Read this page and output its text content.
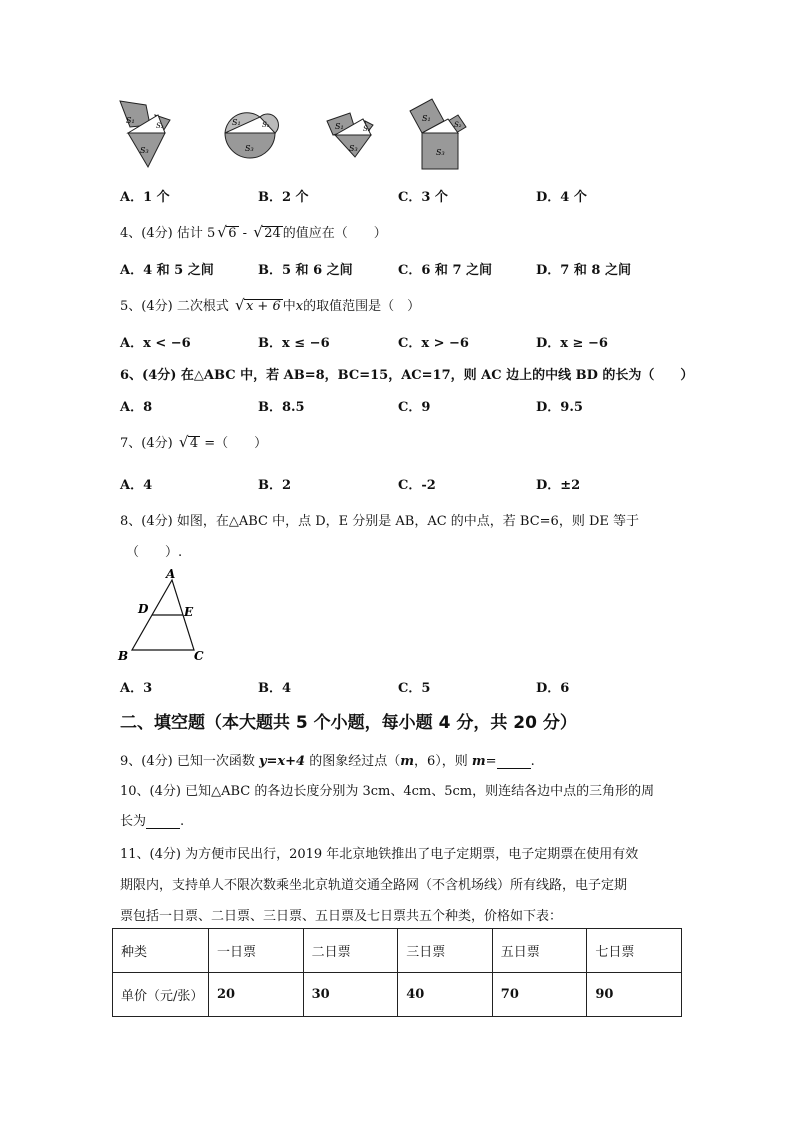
S₁
S₂
S₃
S₁	S₂
S₃
S₁	S₂
S₃
S₁
S₂
S₃
A．1 个	B．2 个	C．3 个	D．4 个
4、(4分) 估计 5 √ 6 - √ 24 的值应在（　　）
A．4 和 5 之间	B．5 和 6 之间	C．6 和 7 之间	D．7 和 8 之间
5、(4分) 二次根式 √ x + 6 中x的取值范围是（　）
A．x < −6	B．x ≤ −6	C．x > −6	D．x ≥ −6
6、(4分) 在△ABC 中，若 AB=8，BC=15，AC=17，则 AC 边上的中线 BD 的长为（　　）
A．8	B．8.5	C．9	D．9.5
7、(4分) √ 4 =（　　）
A．4	B．2	C．-2	D．±2
8、(4分) 如图，在△ABC 中，点 D，E 分别是 AB，AC 的中点，若 BC=6，则 DE 等于
（　　）.
A
D	E
B	C
A．3	B．4	C．5	D．6
二、填空题（本大题共 5 个小题，每小题 4 分，共 20 分）
9、(4分) 已知一次函数 y=x+4 的图象经过点（m，6），则 m=	.
10、(4分) 已知△ABC 的各边长度分别为 3cm、4cm、5cm，则连结各边中点的三角形的周
长为	.
11、(4分) 为方便市民出行，2019 年北京地铁推出了电子定期票，电子定期票在使用有效
期限内，支持单人不限次数乘坐北京轨道交通全路网（不含机场线）所有线路，电子定期
票包括一日票、二日票、三日票、五日票及七日票共五个种类，价格如下表：
种类	一日票	二日票	三日票	五日票	七日票
单价（元/张）	20	30	40	70	90
